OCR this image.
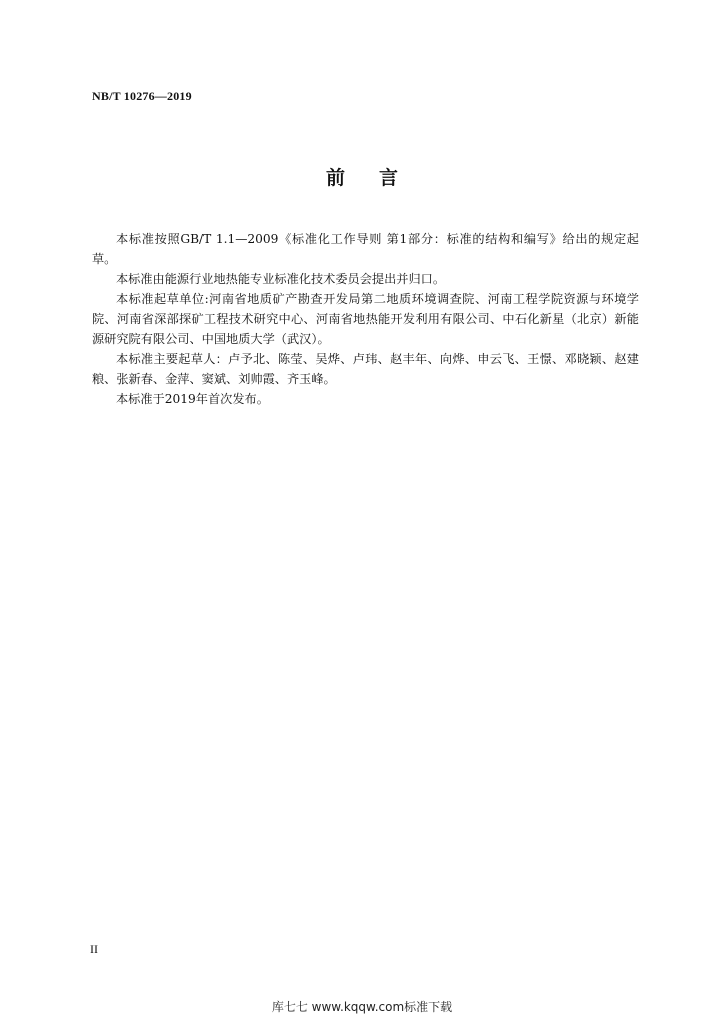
NB/T 10276—2019
前言

本标准按照GB/T 1.1—2009《标准化工作导则 第1部分：标准的结构和编写》给出的规定起草。

本标准由能源行业地热能专业标准化技术委员会提出并归口。

本标准起草单位:河南省地质矿产勘查开发局第二地质环境调查院、河南工程学院资源与环境学院、河南省深部探矿工程技术研究中心、河南省地热能开发利用有限公司、中石化新星（北京）新能源研究院有限公司、中国地质大学（武汉）。

本标准主要起草人：卢予北、陈莹、吴烨、卢玮、赵丰年、向烨、申云飞、王憬、邓晓颖、赵建粮、张新春、金萍、窦斌、刘帅霞、齐玉峰。

本标准于2019年首次发布。

II
库七七 www.kqqw.com标准下载
